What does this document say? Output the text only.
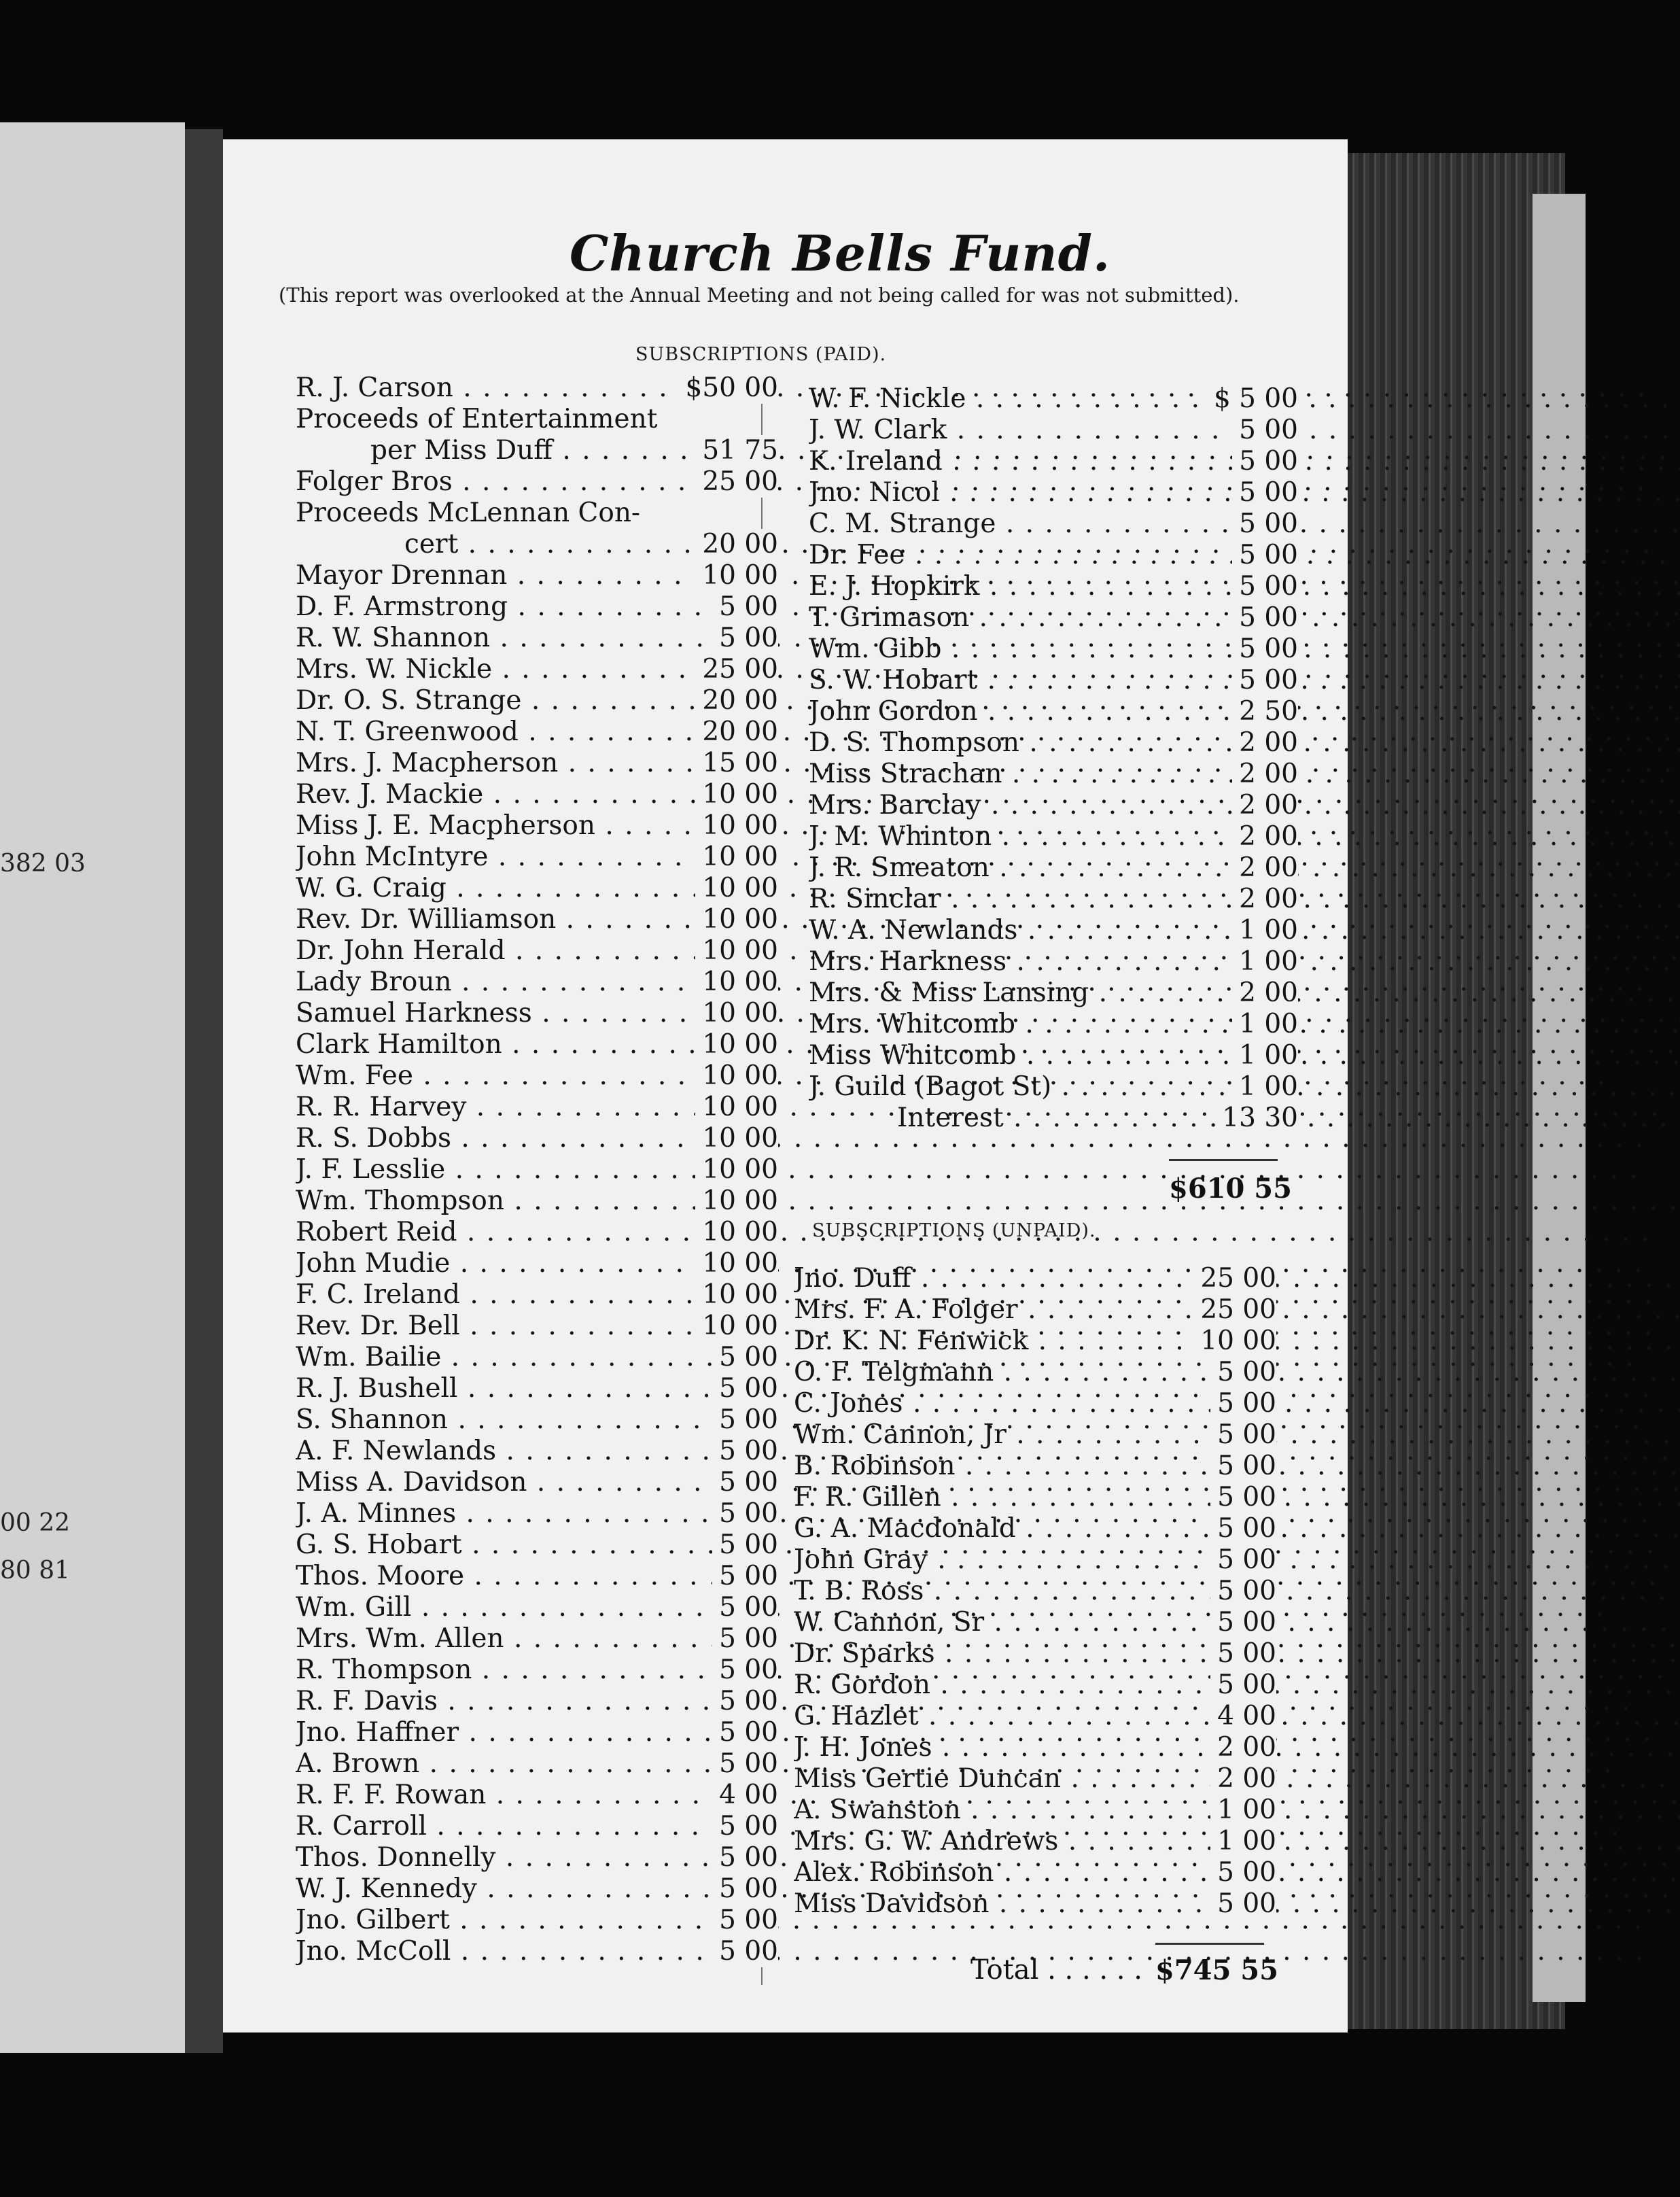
382 03
00 22
80 81
Church Bells Fund.
(This report was overlooked at the Annual Meeting and not being called for was not submitted).
SUBSCRIPTIONS (PAID).
R. J. Carson . . .	$50 00
Proceeds of Entertainment
per Miss Duff . . .	51 75
Folger Bros . . .	25 00
Proceeds McLennan Con-
cert . . .	20 00
Mayor Drennan . . .	10 00
D. F. Armstrong . . .	5 00
R. W. Shannon . . .	5 00
Mrs. W. Nickle . . .	25 00
Dr. O. S. Strange . . .	20 00
N. T. Greenwood . . .	20 00
Mrs. J. Macpherson . . .	15 00
Rev. J. Mackie . . .	10 00
Miss J. E. Macpherson . . .	10 00
John McIntyre . . .	10 00
W. G. Craig . . .	10 00
Rev. Dr. Williamson . . .	10 00
Dr. John Herald . . .	10 00
Lady Broun . . .	10 00
Samuel Harkness . . .	10 00
Clark Hamilton . . .	10 00
Wm. Fee . . .	10 00
R. R. Harvey . . .	10 00
R. S. Dobbs . . .	10 00
J. F. Lesslie . . .	10 00
Wm. Thompson . . .	10 00
Robert Reid . . .	10 00
John Mudie . . .	10 00
F. C. Ireland . . .	10 00
Rev. Dr. Bell . . .	10 00
Wm. Bailie . . .	5 00
R. J. Bushell . . .	5 00
S. Shannon . . .	5 00
A. F. Newlands . . .	5 00
Miss A. Davidson . . .	5 00
J. A. Minnes . . .	5 00
G. S. Hobart . . .	5 00
Thos. Moore . . .	5 00
Wm. Gill . . .	5 00
Mrs. Wm. Allen . . .	5 00
R. Thompson . . .	5 00
R. F. Davis . . .	5 00
Jno. Haffner . . .	5 00
A. Brown . . .	5 00
R. F. F. Rowan . . .	4 00
R. Carroll . . .	5 00
Thos. Donnelly . . .	5 00
W. J. Kennedy . . .	5 00
Jno. Gilbert . . .	5 00
Jno. McColl . . .	5 00
W. F. Nickle . . .	$ 5 00
J. W. Clark . . .	5 00
K. Ireland . . .	5 00
Jno. Nicol . . .	5 00
C. M. Strange . . .	5 00
Dr. Fee . . .	5 00
E. J. Hopkirk . . .	5 00
T. Grimason . . .	5 00
Wm. Gibb . . .	5 00
S. W. Hobart . . .	5 00
John Gordon . . .	2 50
D. S. Thompson . . .	2 00
Miss Strachan . . .	2 00
Mrs. Barclay . . .	2 00
J. M. Whinton . . .	2 00
J. R. Smeaton . . .	2 00
R. Sinclar . . .	2 00
W. A. Newlands . . .	1 00
Mrs. Harkness . . .	1 00
Mrs. & Miss Lansing . . .	2 00
Mrs. Whitcomb . . .	1 00
Miss Whitcomb . . .	1 00
J. Guild (Bagot St) . . .	1 00
Interest . . .	13 30
$610 55
SUBSCRIPTIONS (UNPAID).
Jno. Duff . . .	25 00
Mrs. F. A. Folger . . .	25 00
Dr. K. N. Fenwick . . .	10 00
O. F. Telgmann . . .	5 00
C. Jones . . .	5 00
Wm. Cannon, Jr . . .	5 00
B. Robinson . . .	5 00
F. R. Gillen . . .	5 00
G. A. Macdonald . . .	5 00
John Gray . . .	5 00
T. B. Ross . . .	5 00
W. Cannon, Sr . . .	5 00
Dr. Sparks . . .	5 00
R. Gordon . . .	5 00
G. Hazlet . . .	4 00
J. H. Jones . . .	2 00
Miss Gertie Duncan . . .	2 00
A. Swanston . . .	1 00
Mrs. G. W. Andrews . . .	1 00
Alex. Robinson . . .	5 00
Miss Davidson . . .	5 00
Total . . . . . . $745 55
